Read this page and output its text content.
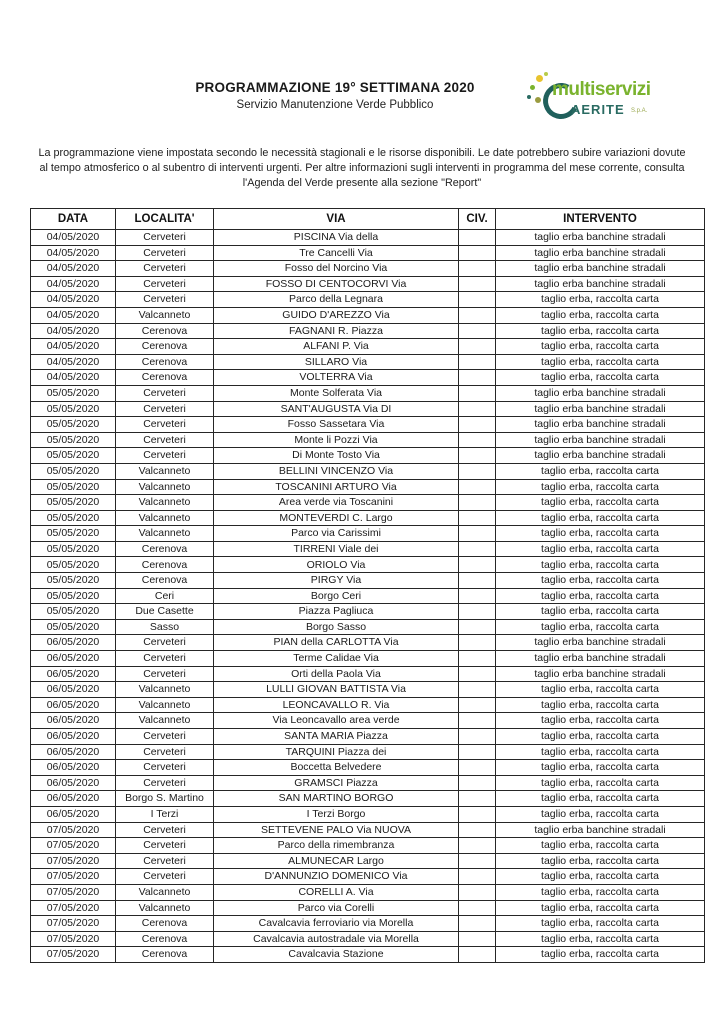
PROGRAMMAZIONE 19° SETTIMANA 2020
Servizio Manutenzione Verde Pubblico
multiservizi
AERITE S.p.A.
La programmazione viene impostata secondo le necessità stagionali e le risorse disponibili. Le date potrebbero subire variazioni dovute al tempo atmosferico o al subentro di interventi urgenti. Per altre informazioni sugli interventi in programma del mese corrente, consulta l'Agenda del Verde presente alla sezione "Report"
DATA	LOCALITA'	VIA	CIV.	INTERVENTO
04/05/2020	Cerveteri	PISCINA Via della		taglio erba banchine stradali
04/05/2020	Cerveteri	Tre Cancelli Via		taglio erba banchine stradali
04/05/2020	Cerveteri	Fosso del Norcino Via		taglio erba banchine stradali
04/05/2020	Cerveteri	FOSSO DI CENTOCORVI Via		taglio erba banchine stradali
04/05/2020	Cerveteri	Parco della Legnara		taglio erba, raccolta carta
04/05/2020	Valcanneto	GUIDO D'AREZZO Via		taglio erba, raccolta carta
04/05/2020	Cerenova	FAGNANI R. Piazza		taglio erba, raccolta carta
04/05/2020	Cerenova	ALFANI P. Via		taglio erba, raccolta carta
04/05/2020	Cerenova	SILLARO Via		taglio erba, raccolta carta
04/05/2020	Cerenova	VOLTERRA Via		taglio erba, raccolta carta
05/05/2020	Cerveteri	Monte Solferata Via		taglio erba banchine stradali
05/05/2020	Cerveteri	SANT'AUGUSTA Via DI		taglio erba banchine stradali
05/05/2020	Cerveteri	Fosso Sassetara Via		taglio erba banchine stradali
05/05/2020	Cerveteri	Monte li Pozzi Via		taglio erba banchine stradali
05/05/2020	Cerveteri	Di Monte Tosto Via		taglio erba banchine stradali
05/05/2020	Valcanneto	BELLINI VINCENZO Via		taglio erba, raccolta carta
05/05/2020	Valcanneto	TOSCANINI ARTURO Via		taglio erba, raccolta carta
05/05/2020	Valcanneto	Area verde via Toscanini		taglio erba, raccolta carta
05/05/2020	Valcanneto	MONTEVERDI C. Largo		taglio erba, raccolta carta
05/05/2020	Valcanneto	Parco via Carissimi		taglio erba, raccolta carta
05/05/2020	Cerenova	TIRRENI Viale dei		taglio erba, raccolta carta
05/05/2020	Cerenova	ORIOLO Via		taglio erba, raccolta carta
05/05/2020	Cerenova	PIRGY Via		taglio erba, raccolta carta
05/05/2020	Ceri	Borgo Ceri		taglio erba, raccolta carta
05/05/2020	Due Casette	Piazza Pagliuca		taglio erba, raccolta carta
05/05/2020	Sasso	Borgo Sasso		taglio erba, raccolta carta
06/05/2020	Cerveteri	PIAN della CARLOTTA Via		taglio erba banchine stradali
06/05/2020	Cerveteri	Terme Calidae Via		taglio erba banchine stradali
06/05/2020	Cerveteri	Orti della Paola Via		taglio erba banchine stradali
06/05/2020	Valcanneto	LULLI GIOVAN BATTISTA Via		taglio erba, raccolta carta
06/05/2020	Valcanneto	LEONCAVALLO R. Via		taglio erba, raccolta carta
06/05/2020	Valcanneto	Via Leoncavallo area verde		taglio erba, raccolta carta
06/05/2020	Cerveteri	SANTA MARIA Piazza		taglio erba, raccolta carta
06/05/2020	Cerveteri	TARQUINI Piazza dei		taglio erba, raccolta carta
06/05/2020	Cerveteri	Boccetta Belvedere		taglio erba, raccolta carta
06/05/2020	Cerveteri	GRAMSCI Piazza		taglio erba, raccolta carta
06/05/2020	Borgo S. Martino	SAN MARTINO BORGO		taglio erba, raccolta carta
06/05/2020	I Terzi	I Terzi Borgo		taglio erba, raccolta carta
07/05/2020	Cerveteri	SETTEVENE PALO Via NUOVA		taglio erba banchine stradali
07/05/2020	Cerveteri	Parco della rimembranza		taglio erba, raccolta carta
07/05/2020	Cerveteri	ALMUNECAR Largo		taglio erba, raccolta carta
07/05/2020	Cerveteri	D'ANNUNZIO DOMENICO Via		taglio erba, raccolta carta
07/05/2020	Valcanneto	CORELLI A. Via		taglio erba, raccolta carta
07/05/2020	Valcanneto	Parco via Corelli		taglio erba, raccolta carta
07/05/2020	Cerenova	Cavalcavia ferroviario via Morella		taglio erba, raccolta carta
07/05/2020	Cerenova	Cavalcavia autostradale via Morella		taglio erba, raccolta carta
07/05/2020	Cerenova	Cavalcavia Stazione		taglio erba, raccolta carta
